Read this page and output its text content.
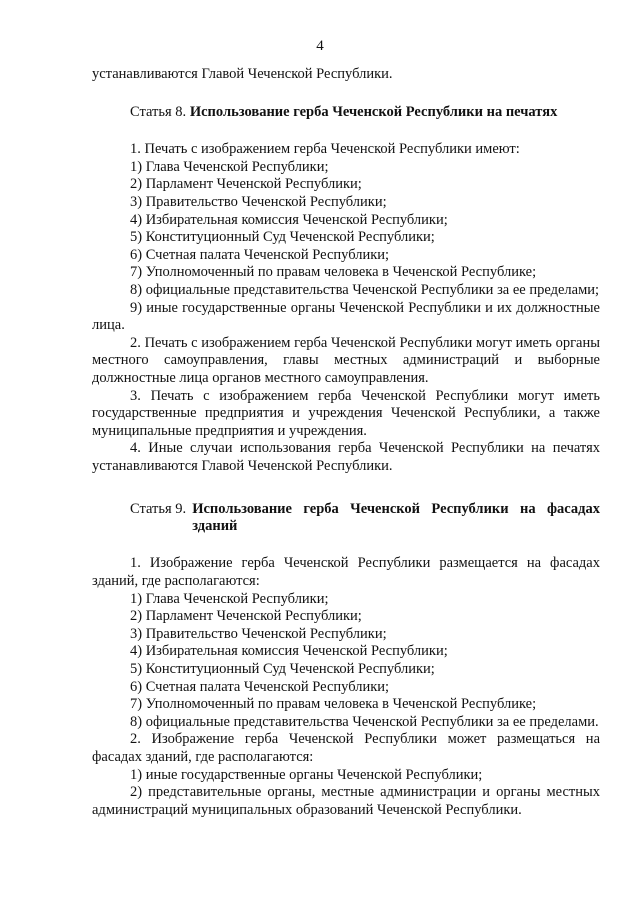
4

устанавливаются Главой Чеченской Республики.

Статья 8. Использование герба Чеченской Республики на печатях

1. Печать с изображением герба Чеченской Республики имеют:

1) Глава Чеченской Республики;

2) Парламент Чеченской Республики;

3) Правительство Чеченской Республики;

4) Избирательная комиссия Чеченской Республики;

5) Конституционный Суд Чеченской Республики;

6) Счетная палата Чеченской Республики;

7) Уполномоченный по правам человека в Чеченской Республике;

8) официальные представительства Чеченской Республики за ее пределами;

9) иные государственные органы Чеченской Республики и их должностные лица.

2. Печать с изображением герба Чеченской Республики могут иметь органы местного самоуправления, главы местных администраций и выборные должностные лица органов местного самоуправления.

3. Печать с изображением герба Чеченской Республики могут иметь государственные предприятия и учреждения Чеченской Республики, а также муниципальные предприятия и учреждения.

4. Иные случаи использования герба Чеченской Республики на печатях устанавливаются Главой Чеченской Республики.

Статья 9. Использование герба Чеченской Республики на фасадах зданий

1. Изображение герба Чеченской Республики размещается на фасадах зданий, где располагаются:

1) Глава Чеченской Республики;

2) Парламент Чеченской Республики;

3) Правительство Чеченской Республики;

4) Избирательная комиссия Чеченской Республики;

5) Конституционный Суд Чеченской Республики;

6) Счетная палата Чеченской Республики;

7) Уполномоченный по правам человека в Чеченской Республике;

8) официальные представительства Чеченской Республики за ее пределами.

2. Изображение герба Чеченской Республики может размещаться на фасадах зданий, где располагаются:

1) иные государственные органы Чеченской Республики;

2) представительные органы, местные администрации и органы местных администраций муниципальных образований Чеченской Республики.
